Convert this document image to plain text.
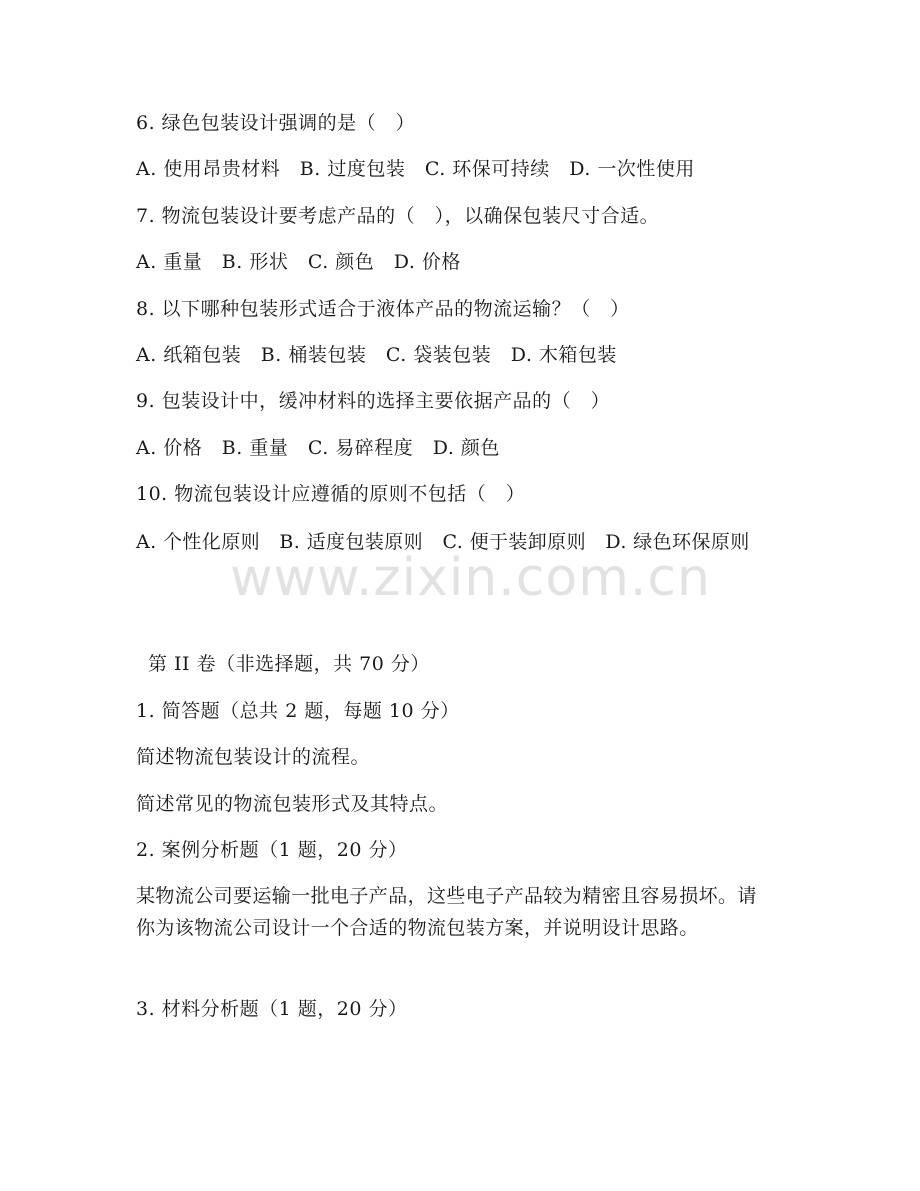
6. 绿色包装设计强调的是（　）
A. 使用昂贵材料　B. 过度包装　C. 环保可持续　D. 一次性使用
7. 物流包装设计要考虑产品的（　），以确保包装尺寸合适。
A. 重量　B. 形状　C. 颜色　D. 价格
8. 以下哪种包装形式适合于液体产品的物流运输？（　）
A. 纸箱包装　B. 桶装包装　C. 袋装包装　D. 木箱包装
9. 包装设计中，缓冲材料的选择主要依据产品的（　）
A. 价格　B. 重量　C. 易碎程度　D. 颜色
10. 物流包装设计应遵循的原则不包括（　）
A. 个性化原则　B. 适度包装原则　C. 便于装卸原则　D. 绿色环保原则
www.zixin.com.cn
第 II 卷（非选择题，共 70 分）
1. 简答题（总共 2 题，每题 10 分）
简述物流包装设计的流程。
简述常见的物流包装形式及其特点。
2. 案例分析题（1 题，20 分）
某物流公司要运输一批电子产品，这些电子产品较为精密且容易损坏。请你为该物流公司设计一个合适的物流包装方案，并说明设计思路。
3. 材料分析题（1 题，20 分）
